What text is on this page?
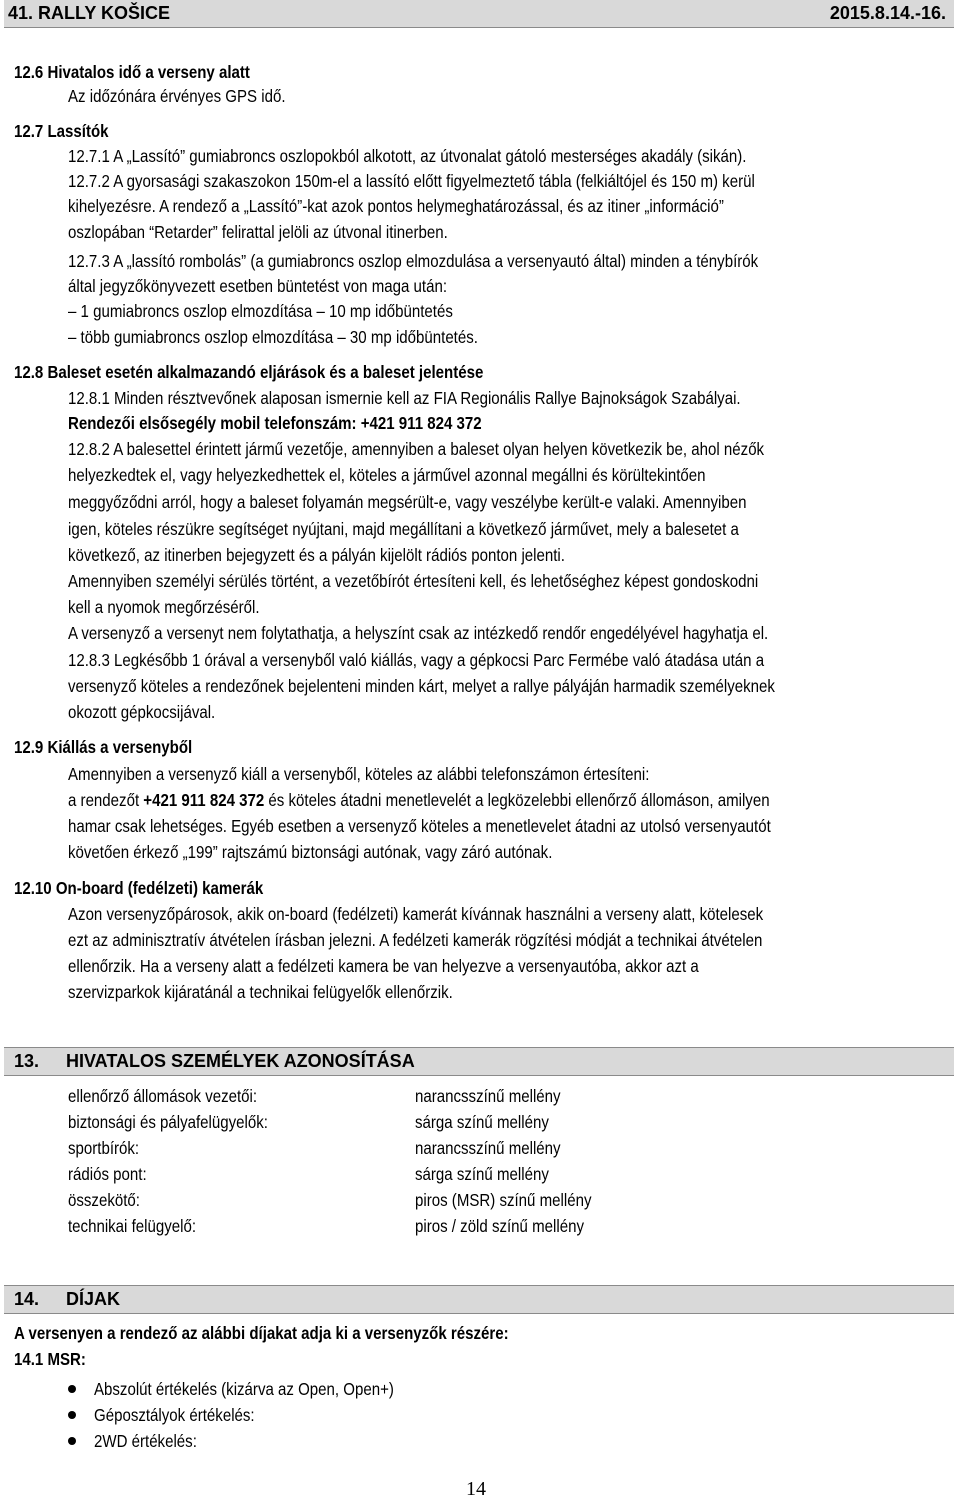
41. RALLY KOŠICE	2015.8.14.-16.
12.6 Hivatalos idő a verseny alatt
Az időzónára érvényes GPS idő.
12.7 Lassítók
12.7.1 A „Lassító” gumiabroncs oszlopokból alkotott, az útvonalat gátoló mesterséges akadály (sikán).
12.7.2 A gyorsasági szakaszokon 150m-el a lassító előtt figyelmeztető tábla (felkiáltójel és 150 m) kerül
kihelyezésre. A rendező a „Lassító”-kat azok pontos helymeghatározással, és az itiner „információ”
oszlopában “Retarder” felirattal jelöli az útvonal itinerben.
12.7.3 A „lassító rombolás” (a gumiabroncs oszlop elmozdulása a versenyautó által) minden a ténybírók
által jegyzőkönyvezett esetben büntetést von maga után:
– 1 gumiabroncs oszlop elmozdítása – 10 mp időbüntetés
– több gumiabroncs oszlop elmozdítása – 30 mp időbüntetés.
12.8 Baleset esetén alkalmazandó eljárások és a baleset jelentése
12.8.1 Minden résztvevőnek alaposan ismernie kell az FIA Regionális Rallye Bajnokságok Szabályai.
Rendezői elsősegély mobil telefonszám: +421 911 824 372
12.8.2 A balesettel érintett jármű vezetője, amennyiben a baleset olyan helyen következik be, ahol nézők
helyezkedtek el, vagy helyezkedhettek el, köteles a járművel azonnal megállni és körültekintően
meggyőződni arról, hogy a baleset folyamán megsérült-e, vagy veszélybe került-e valaki. Amennyiben
igen, köteles részükre segítséget nyújtani, majd megállítani a következő járművet, mely a balesetet a
következő, az itinerben bejegyzett és a pályán kijelölt rádiós ponton jelenti.
Amennyiben személyi sérülés történt, a vezetőbírót értesíteni kell, és lehetőséghez képest gondoskodni
kell a nyomok megőrzéséről.
A versenyző a versenyt nem folytathatja, a helyszínt csak az intézkedő rendőr engedélyével hagyhatja el.
12.8.3 Legkésőbb 1 órával a versenyből való kiállás, vagy a gépkocsi Parc Fermébe való átadása után a
versenyző köteles a rendezőnek bejelenteni minden kárt, melyet a rallye pályáján harmadik személyeknek
okozott gépkocsijával.
12.9 Kiállás a versenyből
Amennyiben a versenyző kiáll a versenyből, köteles az alábbi telefonszámon értesíteni:
a rendezőt +421 911 824 372 és köteles átadni menetlevelét a legközelebbi ellenőrző állomáson, amilyen
hamar csak lehetséges. Egyéb esetben a versenyző köteles a menetlevelet átadni az utolsó versenyautót
követően érkező „199” rajtszámú biztonsági autónak, vagy záró autónak.
12.10 On-board (fedélzeti) kamerák
Azon versenyzőpárosok, akik on-board (fedélzeti) kamerát kívánnak használni a verseny alatt, kötelesek
ezt az adminisztratív átvételen írásban jelezni. A fedélzeti kamerák rögzítési módját a technikai átvételen
ellenőrzik. Ha a verseny alatt a fedélzeti kamera be van helyezve a versenyautóba, akkor azt a
szervizparkok kijáratánál a technikai felügyelők ellenőrzik.
13. HIVATALOS SZEMÉLYEK AZONOSÍTÁSA
ellenőrző állomások vezetői:	narancsszínű mellény
biztonsági és pályafelügyelők:	sárga színű mellény
sportbírók:	narancsszínű mellény
rádiós pont:	sárga színű mellény
összekötő:	piros (MSR) színű mellény
technikai felügyelő:	piros / zöld színű mellény
14. DÍJAK
A versenyen a rendező az alábbi díjakat adja ki a versenyzők részére:
14.1 MSR:
Abszolút értékelés (kizárva az Open, Open+)
Géposztályok értékelés:
2WD értékelés:
14
